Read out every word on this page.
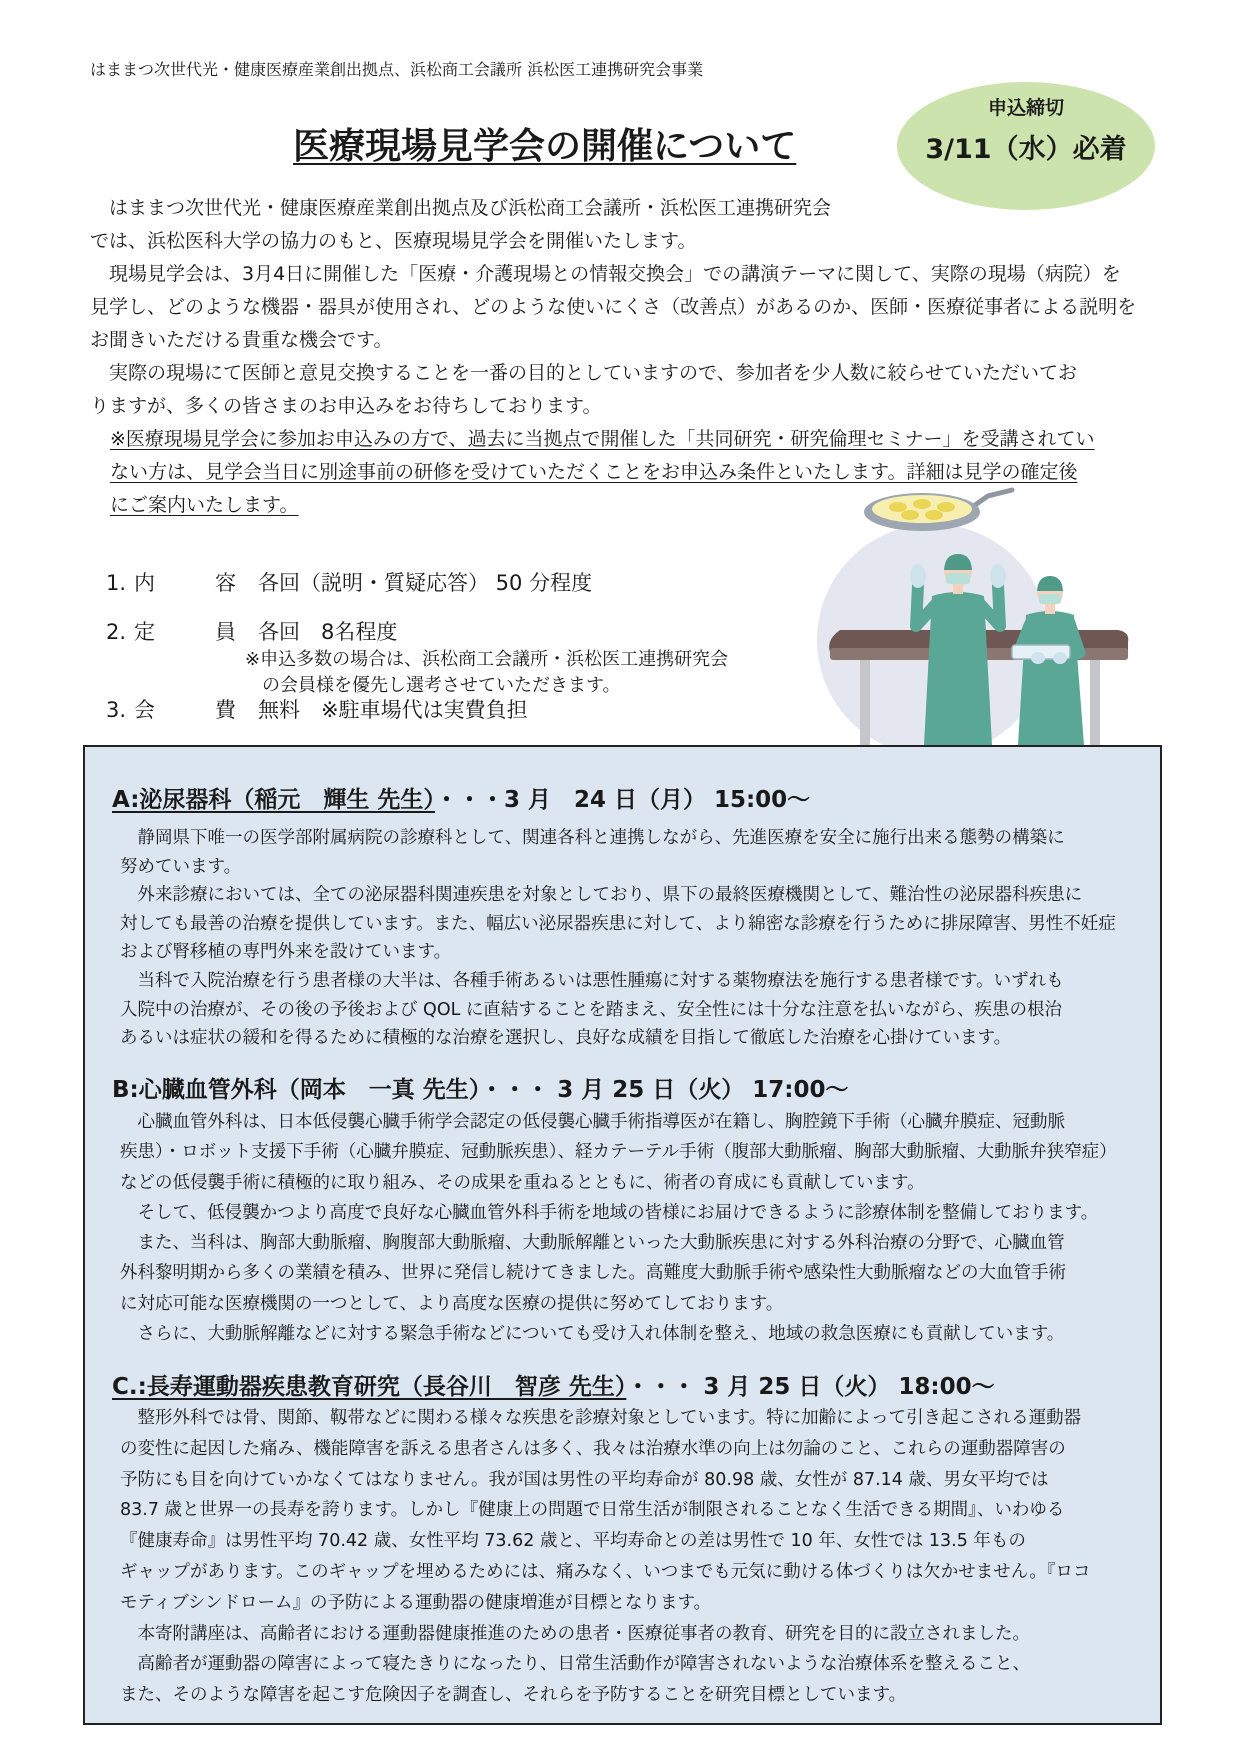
はままつ次世代光・健康医療産業創出拠点、浜松商工会議所 浜松医工連携研究会事業
申込締切
3/11（水）必着
医療現場見学会の開催について
　はままつ次世代光・健康医療産業創出拠点及び浜松商工会議所・浜松医工連携研究会
では、浜松医科大学の協力のもと、医療現場見学会を開催いたします。
　現場見学会は、3月4日に開催した「医療・介護現場との情報交換会」での講演テーマに関して、実際の現場（病院）を
見学し、どのような機器・器具が使用され、どのような使いにくさ（改善点）があるのか、医師・医療従事者による説明を
お聞きいただける貴重な機会です。
　実際の現場にて医師と意見交換することを一番の目的としていますので、参加者を少人数に絞らせていただいてお
りますが、多くの皆さまのお申込みをお待ちしております。
※医療現場見学会に参加お申込みの方で、過去に当拠点で開催した「共同研究・研究倫理セミナー」を受講されてい
ない方は、見学会当日に別途事前の研修を受けていただくことをお申込み条件といたします。詳細は見学の確定後
にご案内いたします。
1. 内　　容 各回（説明・質疑応答） 50 分程度
2. 定　　員 各回　8名程度
※申込多数の場合は、浜松商工会議所・浜松医工連携研究会
の会員様を優先し選考させていただきます。
3. 会　　費 無料　※駐車場代は実費負担
A:泌尿器科（稲元　輝生 先生）・・・3 月　24 日（月） 15:00～
　静岡県下唯一の医学部附属病院の診療科として、関連各科と連携しながら、先進医療を安全に施行出来る態勢の構築に
努めています。
　外来診療においては、全ての泌尿器科関連疾患を対象としており、県下の最終医療機関として、難治性の泌尿器科疾患に
対しても最善の治療を提供しています。また、幅広い泌尿器疾患に対して、より綿密な診療を行うために排尿障害、男性不妊症
および腎移植の専門外来を設けています。
　当科で入院治療を行う患者様の大半は、各種手術あるいは悪性腫瘍に対する薬物療法を施行する患者様です。いずれも
入院中の治療が、その後の予後および QOL に直結することを踏まえ、安全性には十分な注意を払いながら、疾患の根治
あるいは症状の緩和を得るために積極的な治療を選択し、良好な成績を目指して徹底した治療を心掛けています。
B:心臓血管外科（岡本　一真 先生）・・・ 3 月 25 日（火） 17:00～
　心臓血管外科は、日本低侵襲心臓手術学会認定の低侵襲心臓手術指導医が在籍し、胸腔鏡下手術（心臓弁膜症、冠動脈
疾患）・ロボット支援下手術（心臓弁膜症、冠動脈疾患）、経カテーテル手術（腹部大動脈瘤、胸部大動脈瘤、大動脈弁狭窄症）
などの低侵襲手術に積極的に取り組み、その成果を重ねるとともに、術者の育成にも貢献しています。
　そして、低侵襲かつより高度で良好な心臓血管外科手術を地域の皆様にお届けできるように診療体制を整備しております。
　また、当科は、胸部大動脈瘤、胸腹部大動脈瘤、大動脈解離といった大動脈疾患に対する外科治療の分野で、心臓血管
外科黎明期から多くの業績を積み、世界に発信し続けてきました。高難度大動脈手術や感染性大動脈瘤などの大血管手術
に対応可能な医療機関の一つとして、より高度な医療の提供に努めてしております。
　さらに、大動脈解離などに対する緊急手術などについても受け入れ体制を整え、地域の救急医療にも貢献しています。
C.:長寿運動器疾患教育研究（長谷川　智彦 先生）・・・ 3 月 25 日（火） 18:00～
　整形外科では骨、関節、靱帯などに関わる様々な疾患を診療対象としています。特に加齢によって引き起こされる運動器
の変性に起因した痛み、機能障害を訴える患者さんは多く、我々は治療水準の向上は勿論のこと、これらの運動器障害の
予防にも目を向けていかなくてはなりません。我が国は男性の平均寿命が 80.98 歳、女性が 87.14 歳、男女平均では
83.7 歳と世界一の長寿を誇ります。しかし『健康上の問題で日常生活が制限されることなく生活できる期間』、いわゆる
『健康寿命』は男性平均 70.42 歳、女性平均 73.62 歳と、平均寿命との差は男性で 10 年、女性では 13.5 年もの
ギャップがあります。このギャップを埋めるためには、痛みなく、いつまでも元気に動ける体づくりは欠かせません。『ロコ
モティブシンドローム』の予防による運動器の健康増進が目標となります。
　本寄附講座は、高齢者における運動器健康推進のための患者・医療従事者の教育、研究を目的に設立されました。
　高齢者が運動器の障害によって寝たきりになったり、日常生活動作が障害されないような治療体系を整えること、
また、そのような障害を起こす危険因子を調査し、それらを予防することを研究目標としています。
